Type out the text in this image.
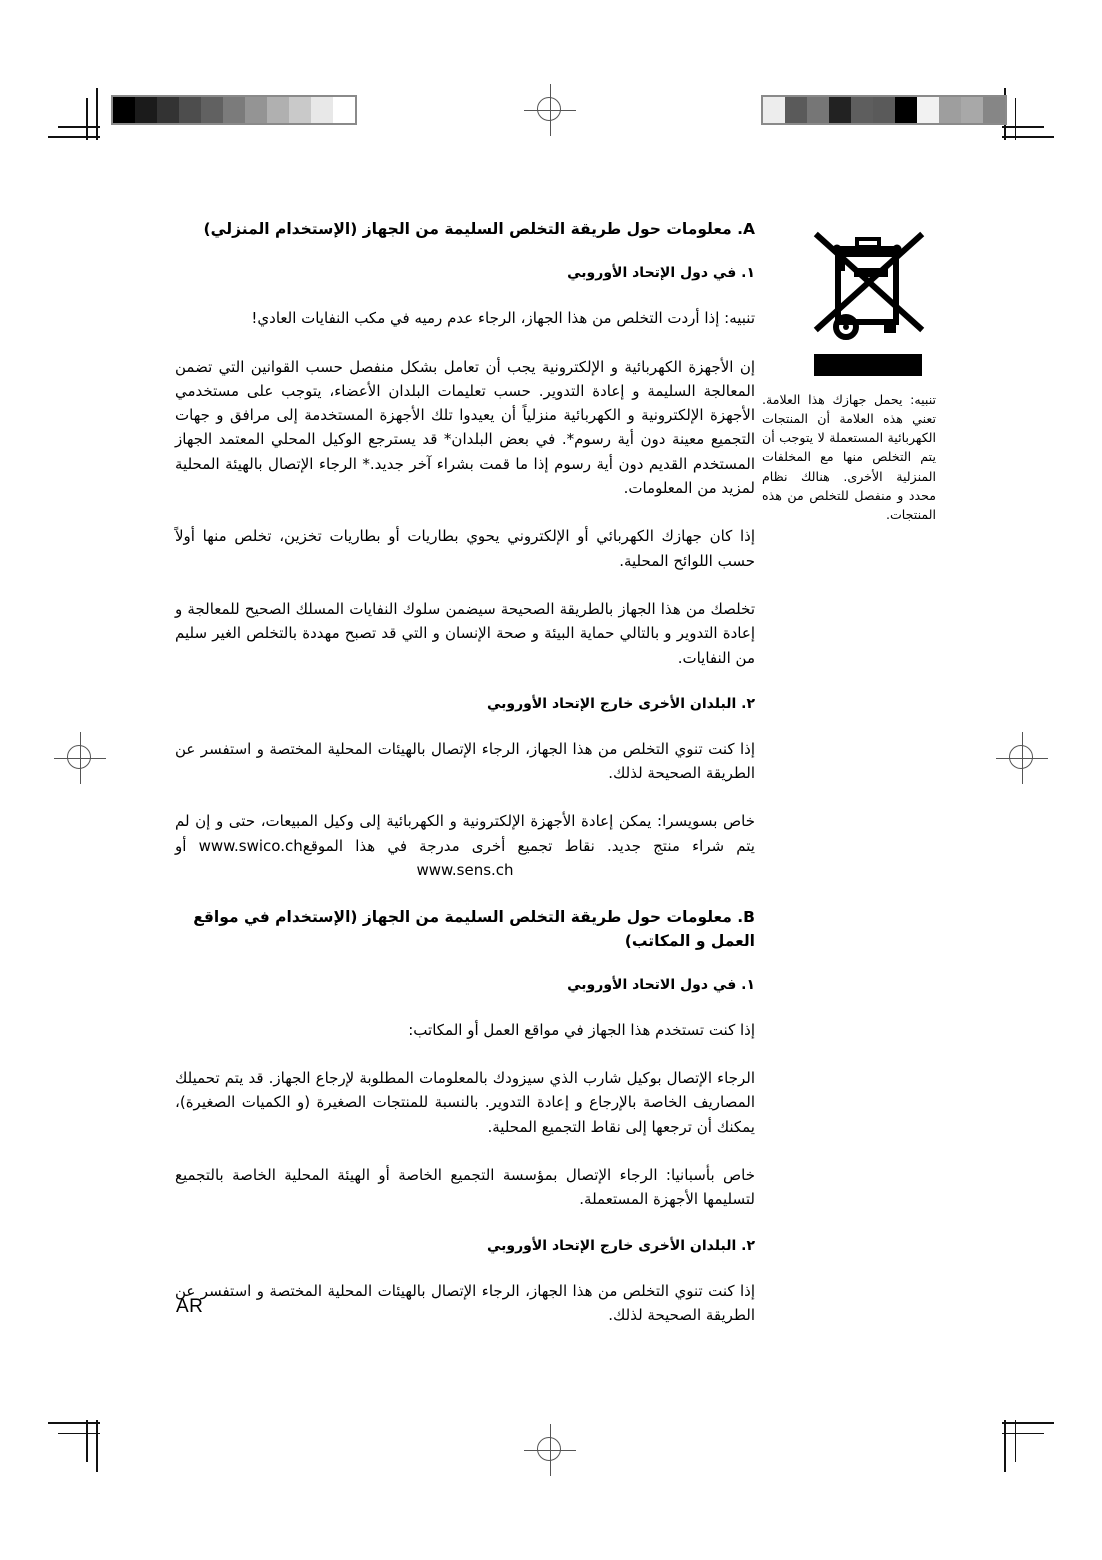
تنبيه: يحمل جهازك هذا العلامة. تعني هذه العلامة أن المنتجات الكهربائية المستعملة لا يتوجب أن يتم التخلص منها مع المخلفات المنزلية الأخرى. هنالك نظام محدد و منفصل للتخلص من هذه المنتجات.

A. معلومات حول طريقة التخلص السليمة من الجهاز (الإستخدام المنزلي)
١. ﻓﻲ دول الإتحاد الأوروبي

تنبيه: إذا أردت التخلص من هذا الجهاز، الرجاء عدم رميه ﻓﻲ مكب النفايات العادي!

إن الأجهزة الكهربائية و الإلكترونية يجب أن تعامل بشكل منفصل حسب القوانين التي تضمن المعالجة السليمة و إعادة التدوير. حسب تعليمات البلدان الأعضاء، يتوجب على مستخدمي الأجهزة الإلكترونية و الكهربائية منزلياً أن يعيدوا تلك الأجهزة المستخدمة إلى مرافق و جهات التجميع معينة دون أية رسوم*. ﻓﻲ بعض البلدان* قد يسترجع الوكيل المحلي المعتمد الجهاز المستخدم القديم دون أية رسوم إذا ما قمت بشراء آخر جديد.* الرجاء الإتصال بالهيئة المحلية لمزيد من المعلومات.

إذا كان جهازك الكهربائي أو الإلكتروني يحوي بطاريات أو بطاريات تخزين، تخلص منها أولاً حسب اللوائح المحلية.

تخلصك من هذا الجهاز بالطريقة الصحيحة سيضمن سلوك النفايات المسلك الصحيح للمعالجة و إعادة التدوير و بالتالي حماية البيئة و صحة الإنسان و التي قد تصبح مهددة بالتخلص الغير سليم من النفايات.

٢. البلدان الأخرى خارج الإتحاد الأوروبي

إذا كنت تنوي التخلص من هذا الجهاز، الرجاء الإتصال بالهيئات المحلية المختصة و استفسر عن الطريقة الصحيحة لذلك.

خاص بسويسرا: يمكن إعادة الأجهزة الإلكترونية و الكهربائية إلى وكيل المبيعات، حتى و إن لم يتم شراء منتج جديد. نقاط تجميع أخرى مدرجة ﻓﻲ هذا الموقعwww.swico.ch أو www.sens.ch

B. معلومات حول طريقة التخلص السليمة من الجهاز (الإستخدام ﻓﻲ مواقع العمل و المكاتب)
١. ﻓﻲ دول الاتحاد الأوروبي

إذا كنت تستخدم هذا الجهاز ﻓﻲ مواقع العمل أو المكاتب:

الرجاء الإتصال بوكيل شارب الذي سيزودك بالمعلومات المطلوبة لإرجاع الجهاز. قد يتم تحميلك المصاريف الخاصة بالإرجاع و إعادة التدوير. بالنسبة للمنتجات الصغيرة (و الكميات الصغيرة)، يمكنك أن ترجعها إلى نقاط التجميع المحلية.

خاص بأسبانيا: الرجاء الإتصال بمؤسسة التجميع الخاصة أو الهيئة المحلية الخاصة بالتجميع لتسليمها الأجهزة المستعملة.

٢. البلدان الأخرى خارج الإتحاد الأوروبي

إذا كنت تنوي التخلص من هذا الجهاز، الرجاء الإتصال بالهيئات المحلية المختصة و استفسر عن الطريقة الصحيحة لذلك.

AR
